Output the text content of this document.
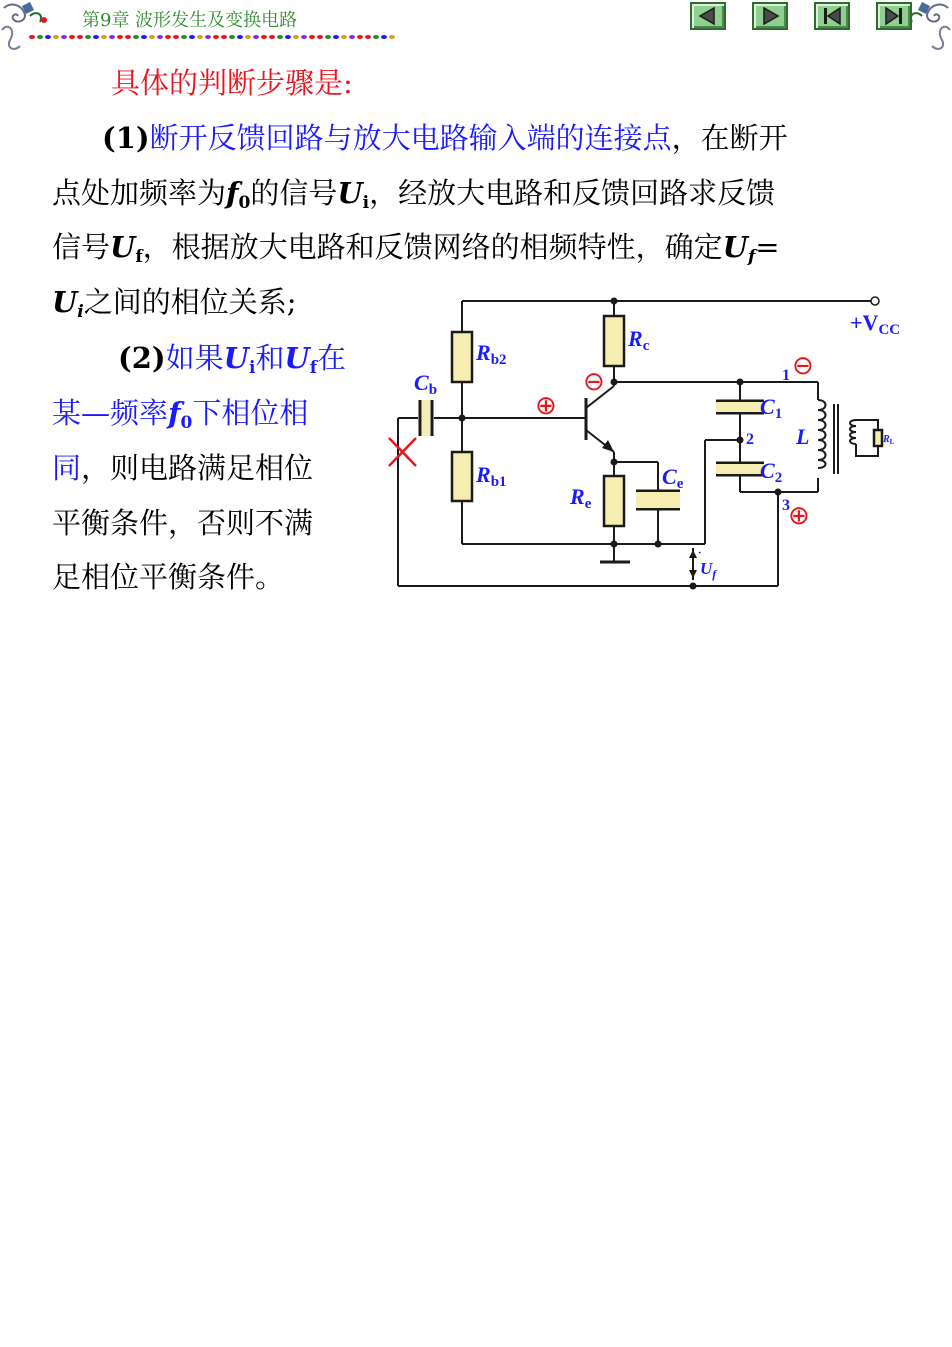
第9章 波形发生及变换电路
具体的判断步骤是:
(1)断开反馈回路与放大电路输入端的连接点，在断开
点处加频率为$f_0$的信号$U_i$，经放大电路和反馈回路求反馈
信号$U_f$，根据放大电路和反馈网络的相频特性，确定$U_f=$
$U_i$之间的相位关系;
(2)如果$U_i$和$U_f$在
某—频率$f_0$下相位相
同，则电路满足相位
平衡条件，否则不满
足相位平衡条件。
+VCC
Rc
Rb2
Rb1
Re
Ce
Cb
C1
C2
L	$R_L$
1
2
3
$U_f$
·
⊕
⊖
⊖
⊕
